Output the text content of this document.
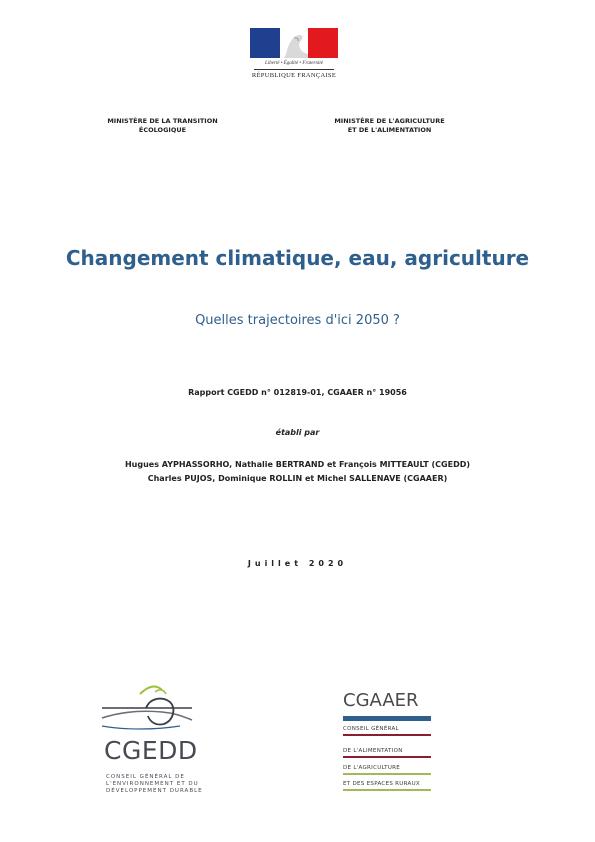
Liberté • Égalité • Fraternité
RÉPUBLIQUE FRANÇAISE
MINISTÈRE DE LA TRANSITION
ÉCOLOGIQUE
MINISTÈRE DE L'AGRICULTURE
ET DE L'ALIMENTATION
Changement climatique, eau, agriculture
Quelles trajectoires d'ici 2050 ?
Rapport CGEDD n° 012819-01, CGAAER n° 19056
établi par
Hugues AYPHASSORHO, Nathalie BERTRAND et François MITTEAULT (CGEDD)
Charles PUJOS, Dominique ROLLIN et Michel SALLENAVE (CGAAER)
Juillet 2020
CGEDD
CONSEIL GÉNÉRAL DE
L'ENVIRONNEMENT ET DU
DÉVELOPPEMENT DURABLE
CGAAER
CONSEIL GÉNÉRAL
DE L'ALIMENTATION
DE L'AGRICULTURE
ET DES ESPACES RURAUX
